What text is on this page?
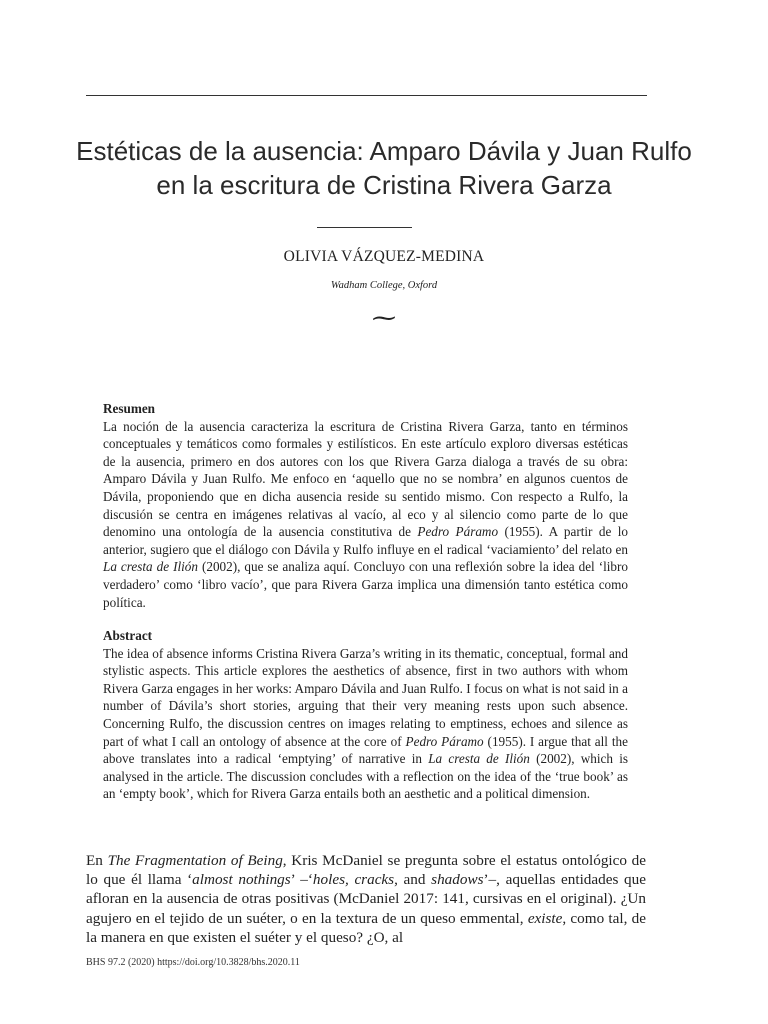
Estéticas de la ausencia: Amparo Dávila y Juan Rulfo en la escritura de Cristina Rivera Garza
OLIVIA VÁZQUEZ-MEDINA
Wadham College, Oxford
⁓

Resumen

La noción de la ausencia caracteriza la escritura de Cristina Rivera Garza, tanto en términos conceptuales y temáticos como formales y estilísticos. En este artículo exploro diversas estéticas de la ausencia, primero en dos autores con los que Rivera Garza dialoga a través de su obra: Amparo Dávila y Juan Rulfo. Me enfoco en ‘aquello que no se nombra’ en algunos cuentos de Dávila, proponiendo que en dicha ausencia reside su sentido mismo. Con respecto a Rulfo, la discusión se centra en imágenes relativas al vacío, al eco y al silencio como parte de lo que denomino una ontología de la ausencia constitutiva de Pedro Páramo (1955). A partir de lo anterior, sugiero que el diálogo con Dávila y Rulfo influye en el radical ‘vaciamiento’ del relato en La cresta de Ilión (2002), que se analiza aquí. Concluyo con una reflexión sobre la idea del ‘libro verdadero’ como ‘libro vacío’, que para Rivera Garza implica una dimensión tanto estética como política.

Abstract

The idea of absence informs Cristina Rivera Garza’s writing in its thematic, conceptual, formal and stylistic aspects. This article explores the aesthetics of absence, first in two authors with whom Rivera Garza engages in her works: Amparo Dávila and Juan Rulfo. I focus on what is not said in a number of Dávila’s short stories, arguing that their very meaning rests upon such absence. Concerning Rulfo, the discussion centres on images relating to emptiness, echoes and silence as part of what I call an ontology of absence at the core of Pedro Páramo (1955). I argue that all the above translates into a radical ‘emptying’ of narrative in La cresta de Ilión (2002), which is analysed in the article. The discussion concludes with a reflection on the idea of the ‘true book’ as an ‘empty book’, which for Rivera Garza entails both an aesthetic and a political dimension.

En The Fragmentation of Being, Kris McDaniel se pregunta sobre el estatus ontológico de lo que él llama ‘almost nothings’ –‘holes, cracks, and shadows’–, aquellas entidades que afloran en la ausencia de otras positivas (McDaniel 2017: 141, cursivas en el original). ¿Un agujero en el tejido de un suéter, o en la textura de un queso emmental, existe, como tal, de la manera en que existen el suéter y el queso? ¿O, al

BHS 97.2 (2020) https://doi.org/10.3828/bhs.2020.11
